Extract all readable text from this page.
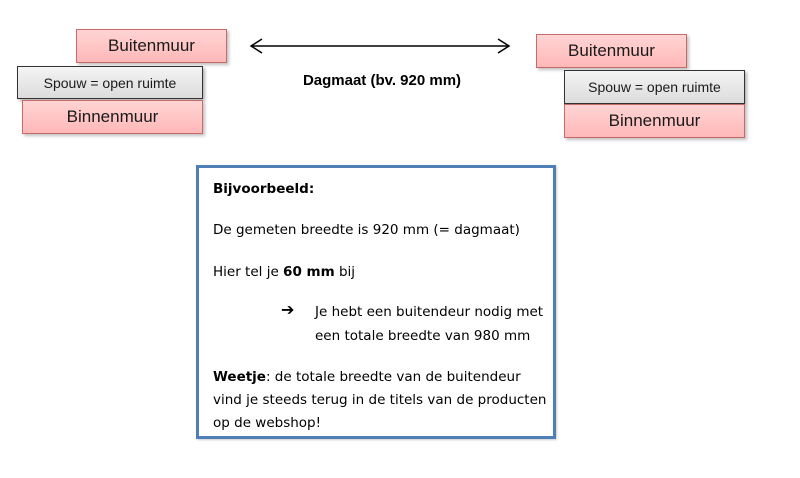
Buitenmuur
Spouw = open ruimte
Binnenmuur
Dagmaat (bv. 920 mm)
Buitenmuur
Spouw = open ruimte
Binnenmuur
Bijvoorbeeld:
De gemeten breedte is 920 mm (= dagmaat)
Hier tel je 60 mm bij
➔ Je hebt een buitendeur nodig met
een totale breedte van 980 mm
Weetje: de totale breedte van de buitendeur
vind je steeds terug in de titels van de producten
op de webshop!
